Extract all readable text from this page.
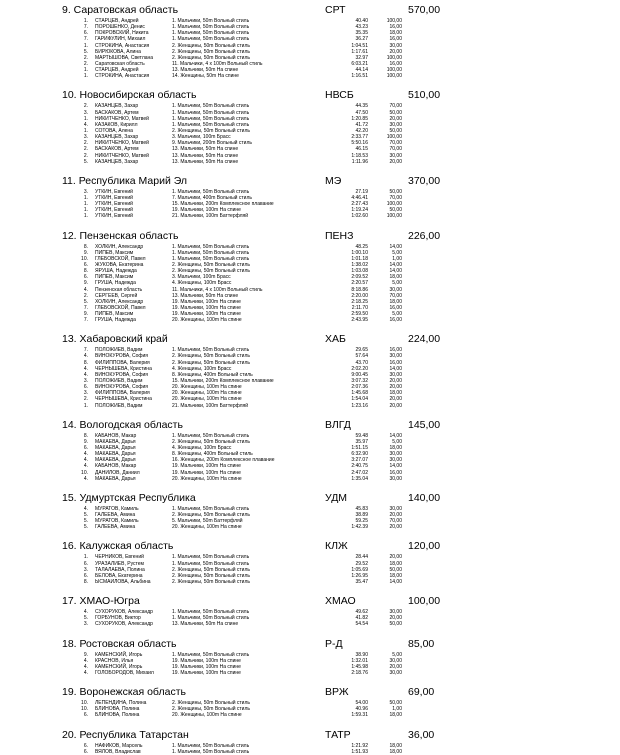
9. Саратовская область	СРТ	570,00
1. СТАРЦЕВ, Андрей	1. Мальчики, 50m Вольный стиль	40.40	100,00
7. ПОРОШЕНКО, Денис	1. Мальчики, 50m Вольный стиль	43.23	16,00
6. ПОКРОВСКИЙ, Никита	1. Мальчики, 50m Вольный стиль	35.35	18,00
7. ГАРИФУЛИН, Михаил	1. Мальчики, 50m Вольный стиль	36.27	16,00
1. СТРОКИНА, Анастасия	2. Женщины, 50m Вольный стиль	1:04.51	30,00
5. БИРЮКОВА, Алина	2. Женщины, 50m Вольный стиль	1:17.61	20,00
2. МАРТЫШОВА, Светлана	2. Женщины, 50m Вольный стиль	32.97	100,00
2. Саратовская область	11. Мальчики, 4 x 100m Вольный стиль	6:03.21	16,00
1. СТАРЦЕВ, Андрей	13. Мальчики, 50m На спине	44.14	100,00
1. СТРОКИНА, Анастасия	14. Женщины, 50m На спине	1:16.51	100,00
10. Новосибирская область	НВСБ	510,00
2. КАЗАНЦЕВ, Захар	1. Мальчики, 50m Вольный стиль	44.35	70,00
3. БАСКАКОВ, Артем	1. Мальчики, 50m Вольный стиль	47.50	50,00
1. НИКИТЧЕНКО, Матвей	1. Мальчики, 50m Вольный стиль	1:20.85	20,00
4. КАЗАКОВ, Кирилл	1. Мальчики, 50m Вольный стиль	41.72	30,00
1. СОТОВА, Алена	2. Женщины, 50m Вольный стиль	42.20	50,00
3. КАЗАНЦЕВ, Захар	3. Мальчики, 100m Брасс	2:33.77	100,00
2. НИКИТЧЕНКО, Матвей	9. Мальчики, 200m Вольный стиль	5:50.16	70,00
2. БАСКАКОВ, Артем	13. Мальчики, 50m На спине	46.15	70,00
2. НИКИТЧЕНКО, Матвей	13. Мальчики, 50m На спине	1:18.53	30,00
5. КАЗАНЦЕВ, Захар	13. Мальчики, 50m На спине	1:11.96	20,00
11. Республика Марий Эл	МЭ	370,00
3. УТКИН, Евгений	1. Мальчики, 50m Вольный стиль	27.19	50,00
1. УТКИН, Евгений	7. Мальчики, 400m Вольный стиль	4:46.41	70,00
1. УТКИН, Евгений	15. Мальчики, 200m Комплексное плавание	2:27.43	100,00
1. УТКИН, Евгений	19. Мальчики, 100m На спине	1:19.24	50,00
1. УТКИН, Евгений	21. Мальчики, 100m Баттерфляй	1:02.60	100,00
12. Пензенская область	ПЕНЗ	226,00
8. ХОЛКИН, Александр	1. Мальчики, 50m Вольный стиль	48.25	14,00
9. ПИПЕВ, Максим	1. Мальчики, 50m Вольный стиль	1:00.10	5,00
10. ГЛЕБОВСКОЙ, Павел	1. Мальчики, 50m Вольный стиль	1:01.18	1,00
6. ЖУКОВА, Екатерина	2. Женщины, 50m Вольный стиль	1:38.02	14,00
8. ЯРУША, Надежда	2. Женщины, 50m Вольный стиль	1:03.08	14,00
6. ПИПЕВ, Максим	3. Мальчики, 100m Брасс	2:09.52	18,00
9. ГРУША, Надежда	4. Женщины, 100m Брасс	2:20.57	5,00
4. Пензенская область	11. Мальчики, 4 x 100m Вольный стиль	8:18.86	30,00
2. СЕРГЕЕВ, Сергей	13. Мальчики, 50m На спине	2:20.00	70,00
5. ХОЛКИН, Александр	19. Мальчики, 100m На спине	2:18.25	18,00
7. ГЛЕБОВСКОЙ, Павел	19. Мальчики, 100m На спине	2:11.70	16,00
9. ПИПЕВ, Максим	19. Мальчики, 100m На спине	2:59.50	5,00
7. ГРУША, Надежда	20. Женщины, 100m На спине	2:43.95	16,00
13. Хабаровский край	ХАБ	224,00
7. ПОЛОЖИЕВ, Вадим	1. Мальчики, 50m Вольный стиль	29.65	16,00
4. ВИНОКУРОВА, София	2. Женщины, 50m Вольный стиль	57.64	30,00
8. ФИЛИППОВА, Валерия	2. Женщины, 50m Вольный стиль	43.70	16,00
4. ЧЕРНЫШЕВА, Кристина	4. Женщины, 100m Брасс	2:02.20	14,00
4. ВИНОКУРОВА, София	8. Женщины, 400m Вольный стиль	9:00.45	30,00
3. ПОЛОЖИЕВ, Вадим	15. Мальчики, 200m Комплексное плавание	3:07.32	20,00
6. ВИНОКУРОВА, София	20. Женщины, 100m На спине	2:07.36	20,00
3. ФИЛИППОВА, Валерия	20. Женщины, 100m На спине	1:45.68	18,00
2. ЧЕРНЫШЕВА, Кристина	20. Женщины, 100m На спине	1:54.04	20,00
1. ПОЛОЖИЕВ, Вадим	21. Мальчики, 100m Баттерфляй	1:23.16	20,00
14. Вологодская область	ВЛГД	145,00
8. КАБАНОВ, Макар	1. Мальчики, 50m Вольный стиль	59.48	14,00
9. МАКАЕВА, Дарья	2. Женщины, 50m Вольный стиль	35.97	5,00
6. МАКАЕВА, Дарья	4. Женщины, 100m Брасс	1:51.15	18,00
4. МАКАЕВА, Дарья	8. Женщины, 400m Вольный стиль	6:32.90	30,00
4. МАКАЕВА, Дарья	16. Женщины, 200m Комплексное плавание	3:27.07	30,00
4. КАБАНОВ, Макар	19. Мальчики, 100m На спине	2:40.75	14,00
10. ДАНИЛОВ, Даниил	19. Мальчики, 100m На спине	2:47.02	16,00
4. МАКАЕВА, Дарья	20. Женщины, 100m На спине	1:35.04	30,00
15. Удмуртская Республика	УДМ	140,00
4. МУРАТОВ, Камиль	1. Мальчики, 50m Вольный стиль	45.83	30,00
5. ГАЛЕЕВА, Амина	2. Женщины, 50m Вольный стиль	38.89	20,00
5. МУРАТОВ, Камиль	5. Мальчики, 50m Баттерфляй	59.25	70,00
5. ГАЛЕЕВА, Амина	20. Женщины, 100m На спине	1:42.39	20,00
16. Калужская область	КЛЖ	120,00
1. ЧЕРНИКОВ, Евгений	1. Мальчики, 50m Вольный стиль	28.44	20,00
6. УРАЗАЛИЕВ, Рустем	1. Мальчики, 50m Вольный стиль	29.52	18,00
3. ТАЛАЛАЕВА, Полина	2. Женщины, 50m Вольный стиль	1:05.69	50,00
6. БЕЛОВА, Екатерина	2. Женщины, 50m Вольный стиль	1:26.95	18,00
8. ЫСМАИЛОВА, Альбина	2. Женщины, 50m Вольный стиль	35.47	14,00
17. ХМАО-Югра	ХМАО	100,00
4. СУХОРУКОВ, Александр	1. Мальчики, 50m Вольный стиль	49.62	30,00
5. ГОРБУНОВ, Виктор	1. Мальчики, 50m Вольный стиль	41.82	20,00
3. СУХОРУКОВ, Александр	13. Мальчики, 50m На спине	54.54	50,00
18. Ростовская область	Р-Д	85,00
9. КАМЕНСКИЙ, Игорь	1. Мальчики, 50m Вольный стиль	38.90	5,00
4. КРАСНОВ, Илья	19. Мальчики, 100m На спине	1:32.01	30,00
4. КАМЕНСКИЙ, Игорь	19. Мальчики, 100m На спине	1:45.98	20,00
4. ГОЛОБОРОДОВ, Михаил	19. Мальчики, 100m На спине	2:18.76	30,00
19. Воронежская область	ВРЖ	69,00
10. ЛЕПЕНДИНА, Полина	2. Женщины, 50m Вольный стиль	54.00	50,00
10. БЛИНОВА, Полина	2. Женщины, 50m Вольный стиль	40.96	1,00
6. БЛИНОВА, Полина	20. Женщины, 100m На спине	1:59.31	18,00
20. Республика Татарстан	ТАТР	36,00
6. НАФИКОВ, Марсель	1. Мальчики, 50m Вольный стиль	1:21.92	18,00
6. ВЯЛОВ, Владислав	1. Мальчики, 50m Вольный стиль	1:51.93	18,00
